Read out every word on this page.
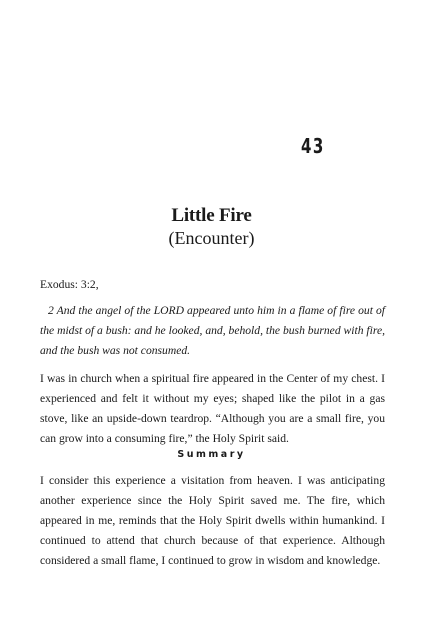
43
Little Fire
(Encounter)
Exodus: 3:2,
2 And the angel of the LORD appeared unto him in a flame of fire out of the midst of a bush: and he looked, and, behold, the bush burned with fire, and the bush was not consumed.
I was in church when a spiritual fire appeared in the Center of my chest. I experienced and felt it without my eyes; shaped like the pilot in a gas stove, like an upside-down teardrop. “Although you are a small fire, you can grow into a consuming fire,” the Holy Spirit said.
Summary
I consider this experience a visitation from heaven. I was anticipating another experience since the Holy Spirit saved me. The fire, which appeared in me, reminds that the Holy Spirit dwells within humankind. I continued to attend that church because of that experience. Although considered a small flame, I continued to grow in wisdom and knowledge.
